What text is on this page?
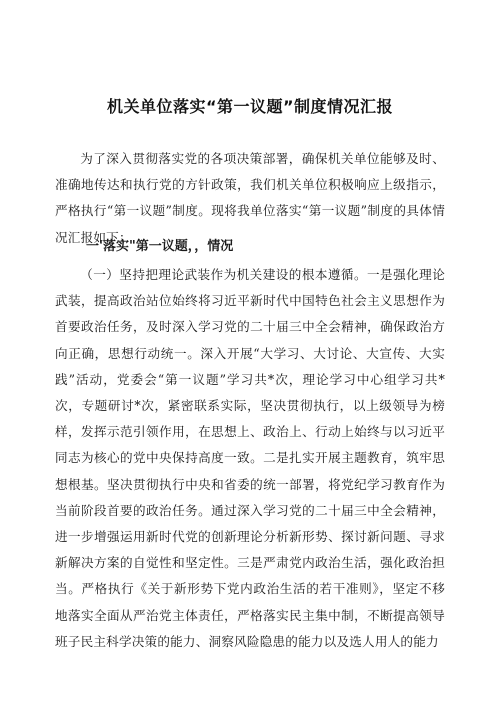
机关单位落实“第一议题”制度情况汇报
为了深入贯彻落实党的各项决策部署，确保机关单位能够及时、准确地传达和执行党的方针政策，我们机关单位积极响应上级指示，严格执行“第一议题”制度。现将我单位落实“第一议题”制度的具体情况汇报如下：
一'落实"第一议题，，情况
（一）坚持把理论武装作为机关建设的根本遵循。一是强化理论武装，提高政治站位始终将习近平新时代中国特色社会主义思想作为首要政治任务，及时深入学习党的二十届三中全会精神，确保政治方向正确，思想行动统一。深入开展“大学习、大讨论、大宣传、大实践”活动，党委会“第一议题”学习共*次，理论学习中心组学习共*次，专题研讨*次，紧密联系实际，坚决贯彻执行，以上级领导为榜样，发挥示范引领作用，在思想上、政治上、行动上始终与以习近平同志为核心的党中央保持高度一致。二是扎实开展主题教育，筑牢思想根基。坚决贯彻执行中央和省委的统一部署，将党纪学习教育作为当前阶段首要的政治任务。通过深入学习党的二十届三中全会精神，进一步增强运用新时代党的创新理论分析新形势、探讨新问题、寻求新解决方案的自觉性和坚定性。三是严肃党内政治生活，强化政治担当。严格执行《关于新形势下党内政治生活的若干准则》，坚定不移地落实全面从严治党主体责任，严格落实民主集中制，不断提高领导班子民主科学决策的能力、洞察风险隐患的能力以及选人用人的能力
